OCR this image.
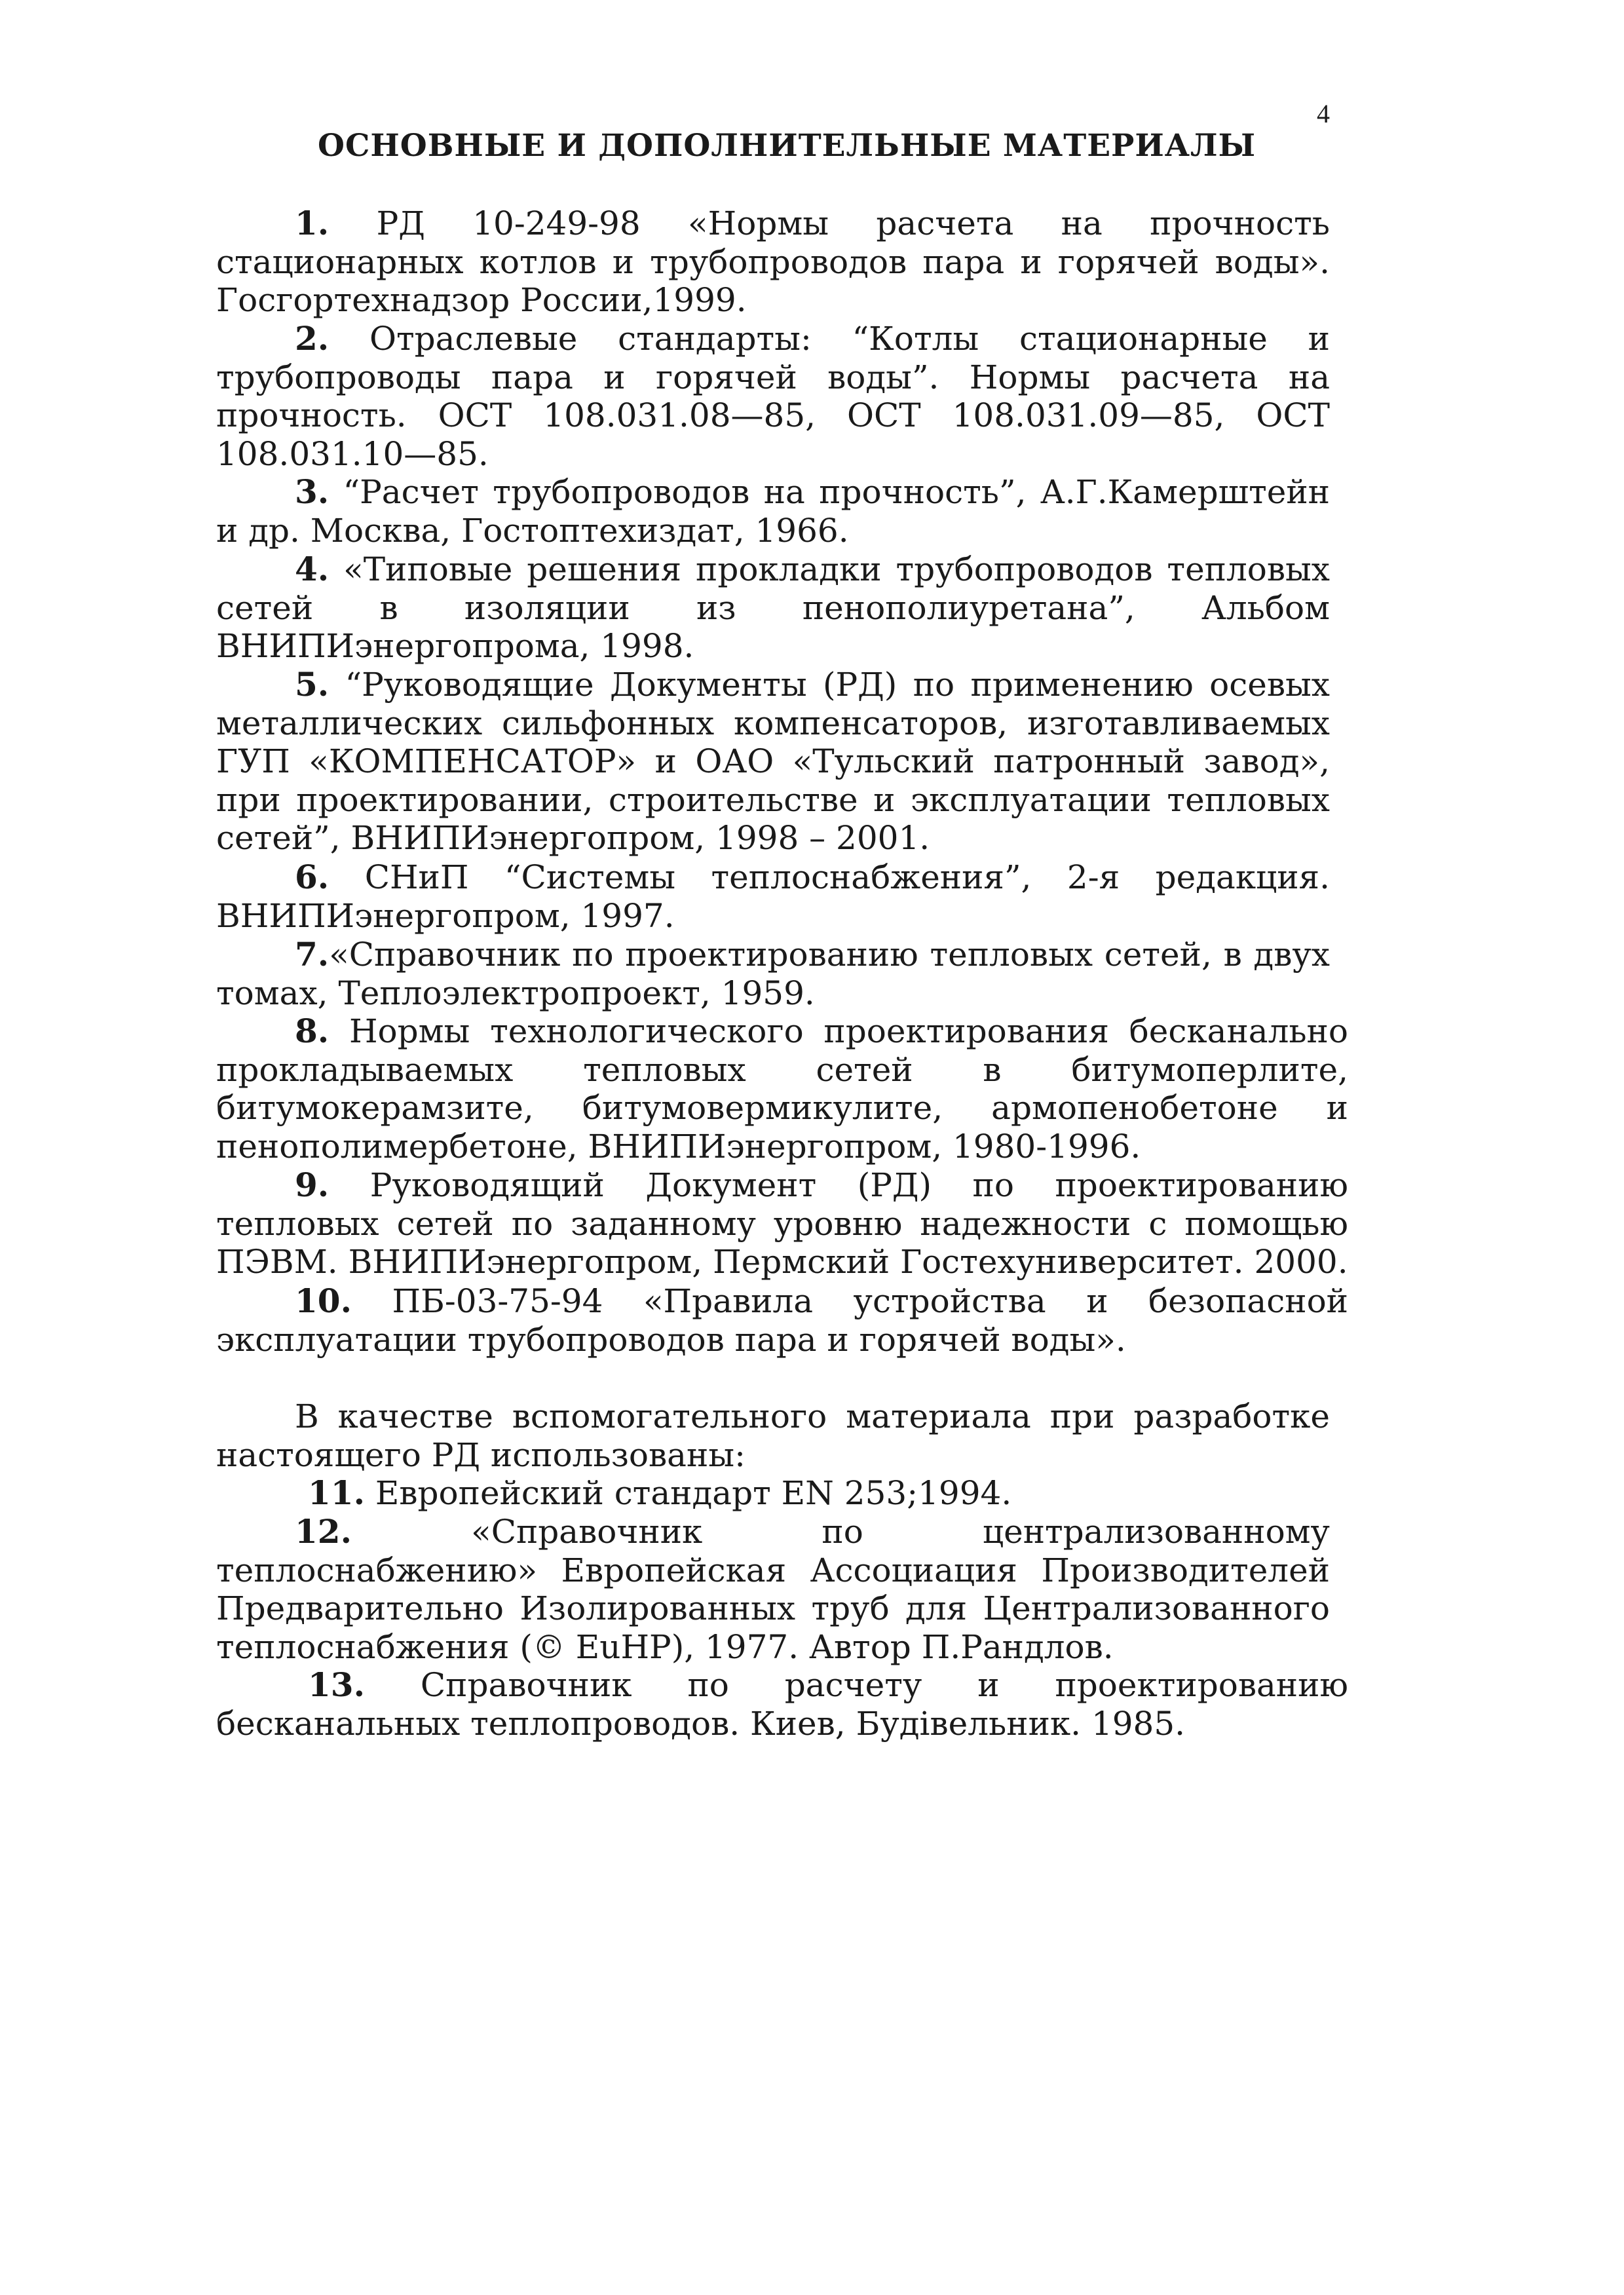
4
ОСНОВНЫЕ И ДОПОЛНИТЕЛЬНЫЕ МАТЕРИАЛЫ
1. РД 10-249-98 «Нормы расчета на прочность стационарных котлов и трубопроводов пара и горячей воды». Госгортехнадзор России,1999.
2. Отраслевые стандарты: “Котлы стационарные и трубопроводы пара и горячей воды”. Нормы расчета на прочность. ОСТ 108.031.08—85, ОСТ 108.031.09—85, ОСТ 108.031.10—85.
3. “Расчет трубопроводов на прочность”, А.Г.Камерштейн и др. Москва, Гостоптехиздат, 1966.
4. «Типовые решения прокладки трубопроводов тепловых сетей в изоляции из пенополиуретана”, Альбом ВНИПИэнергопрома, 1998.
5. “Руководящие Документы (РД) по применению осевых металлических сильфонных компенсаторов, изготавливаемых ГУП «КОМПЕНСАТОР» и ОАО «Тульский патронный завод», при проектировании, строительстве и эксплуатации тепловых сетей”, ВНИПИэнергопром, 1998 – 2001.
6. СНиП “Системы теплоснабжения”, 2-я редакция. ВНИПИэнергопром, 1997.
7.«Справочник по проектированию тепловых сетей, в двух томах, Теплоэлектропроект, 1959.
8. Нормы технологического проектирования бесканально прокладываемых тепловых сетей в битумоперлите, битумокерамзите, битумовермикулите, армопенобетоне и пенополимербетоне, ВНИПИэнергопром, 1980-1996.
9. Руководящий Документ (РД) по проектированию тепловых сетей по заданному уровню надежности с помощью ПЭВМ. ВНИПИэнергопром, Пермский Гостехуниверситет. 2000.
10. ПБ-03-75-94 «Правила устройства и безопасной эксплуатации трубопроводов пара и горячей воды».
В качестве вспомогательного материала при разработке настоящего РД использованы:
11. Европейский стандарт EN 253;1994.
12.	«Справочник по централизованному теплоснабжению» Европейская Ассоциация Производителей Предварительно Изолированных труб для Централизованного теплоснабжения (© EuHP), 1977. Автор П.Рандлов.
13. Справочник по расчету и проектированию бесканальных теплопроводов. Киев, Будівельник. 1985.
